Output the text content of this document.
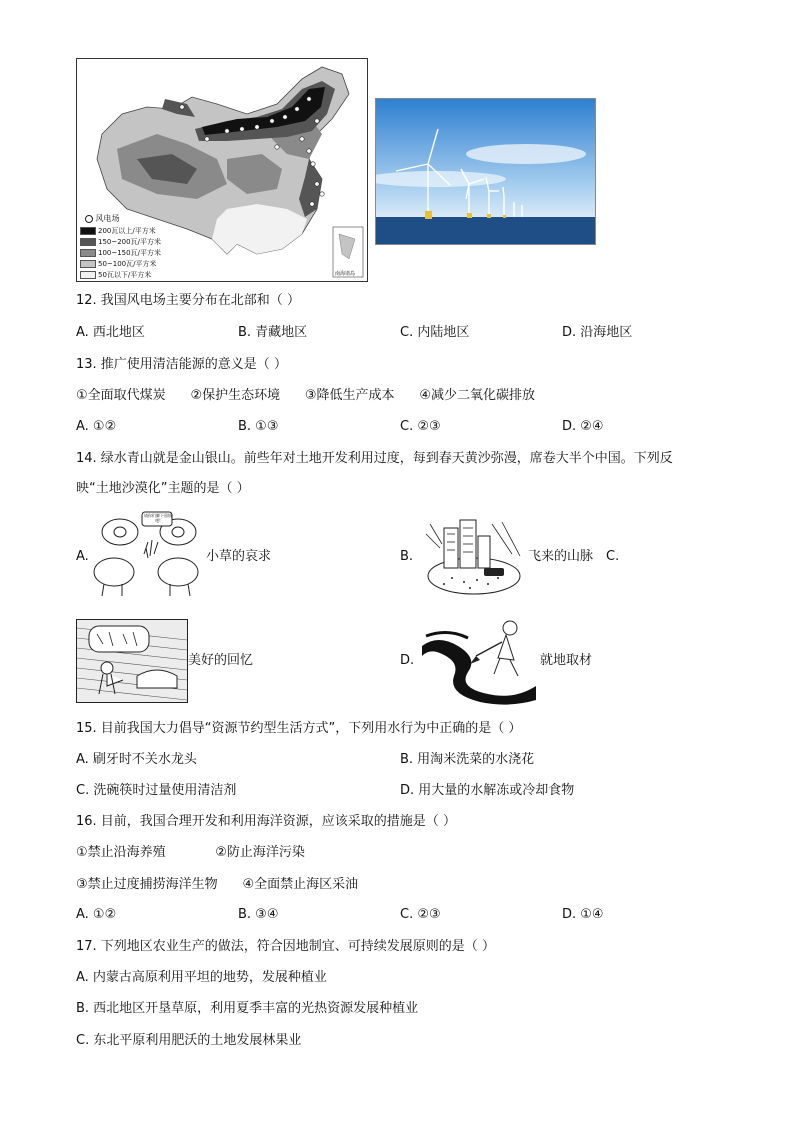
风电场
200瓦以上/平方米
150~200瓦/平方米
100~150瓦/平方米
50~100瓦/平方米
50瓦以下/平方米	南海诸岛
12. 我国风电场主要分布在北部和（ ）
A. 西北地区	B. 青藏地区	C. 内陆地区	D. 沿海地区
13. 推广使用清洁能源的意义是（ ）
①全面取代煤炭      ②保护生态环境      ③降低生产成本      ④减少二氧化碳排放
A. ①②	B. ①③	C. ②③	D. ②④
14. 绿水青山就是金山银山。前些年对土地开发利用过度，每到春天黄沙弥漫，席卷大半个中国。下列反
映“土地沙漠化”主题的是（ ）
A.
请你们脚下留情吧!
小草的哀求	B.	飞来的山脉 C.
美好的回忆	D.	就地取材
15. 目前我国大力倡导“资源节约型生活方式”，下列用水行为中正确的是（ ）
A. 刷牙时不关水龙头	B. 用淘米洗菜的水浇花
C. 洗碗筷时过量使用清洁剂	D. 用大量的水解冻或冷却食物
16. 目前，我国合理开发和利用海洋资源，应该采取的措施是（ ）
①禁止沿海养殖            ②防止海洋污染
③禁止过度捕捞海洋生物      ④全面禁止海区采油
A. ①②	B. ③④	C. ②③	D. ①④
17. 下列地区农业生产的做法，符合因地制宜、可持续发展原则的是（ ）
A. 内蒙古高原利用平坦的地势，发展种植业
B. 西北地区开垦草原，利用夏季丰富的光热资源发展种植业
C. 东北平原利用肥沃的土地发展林果业
